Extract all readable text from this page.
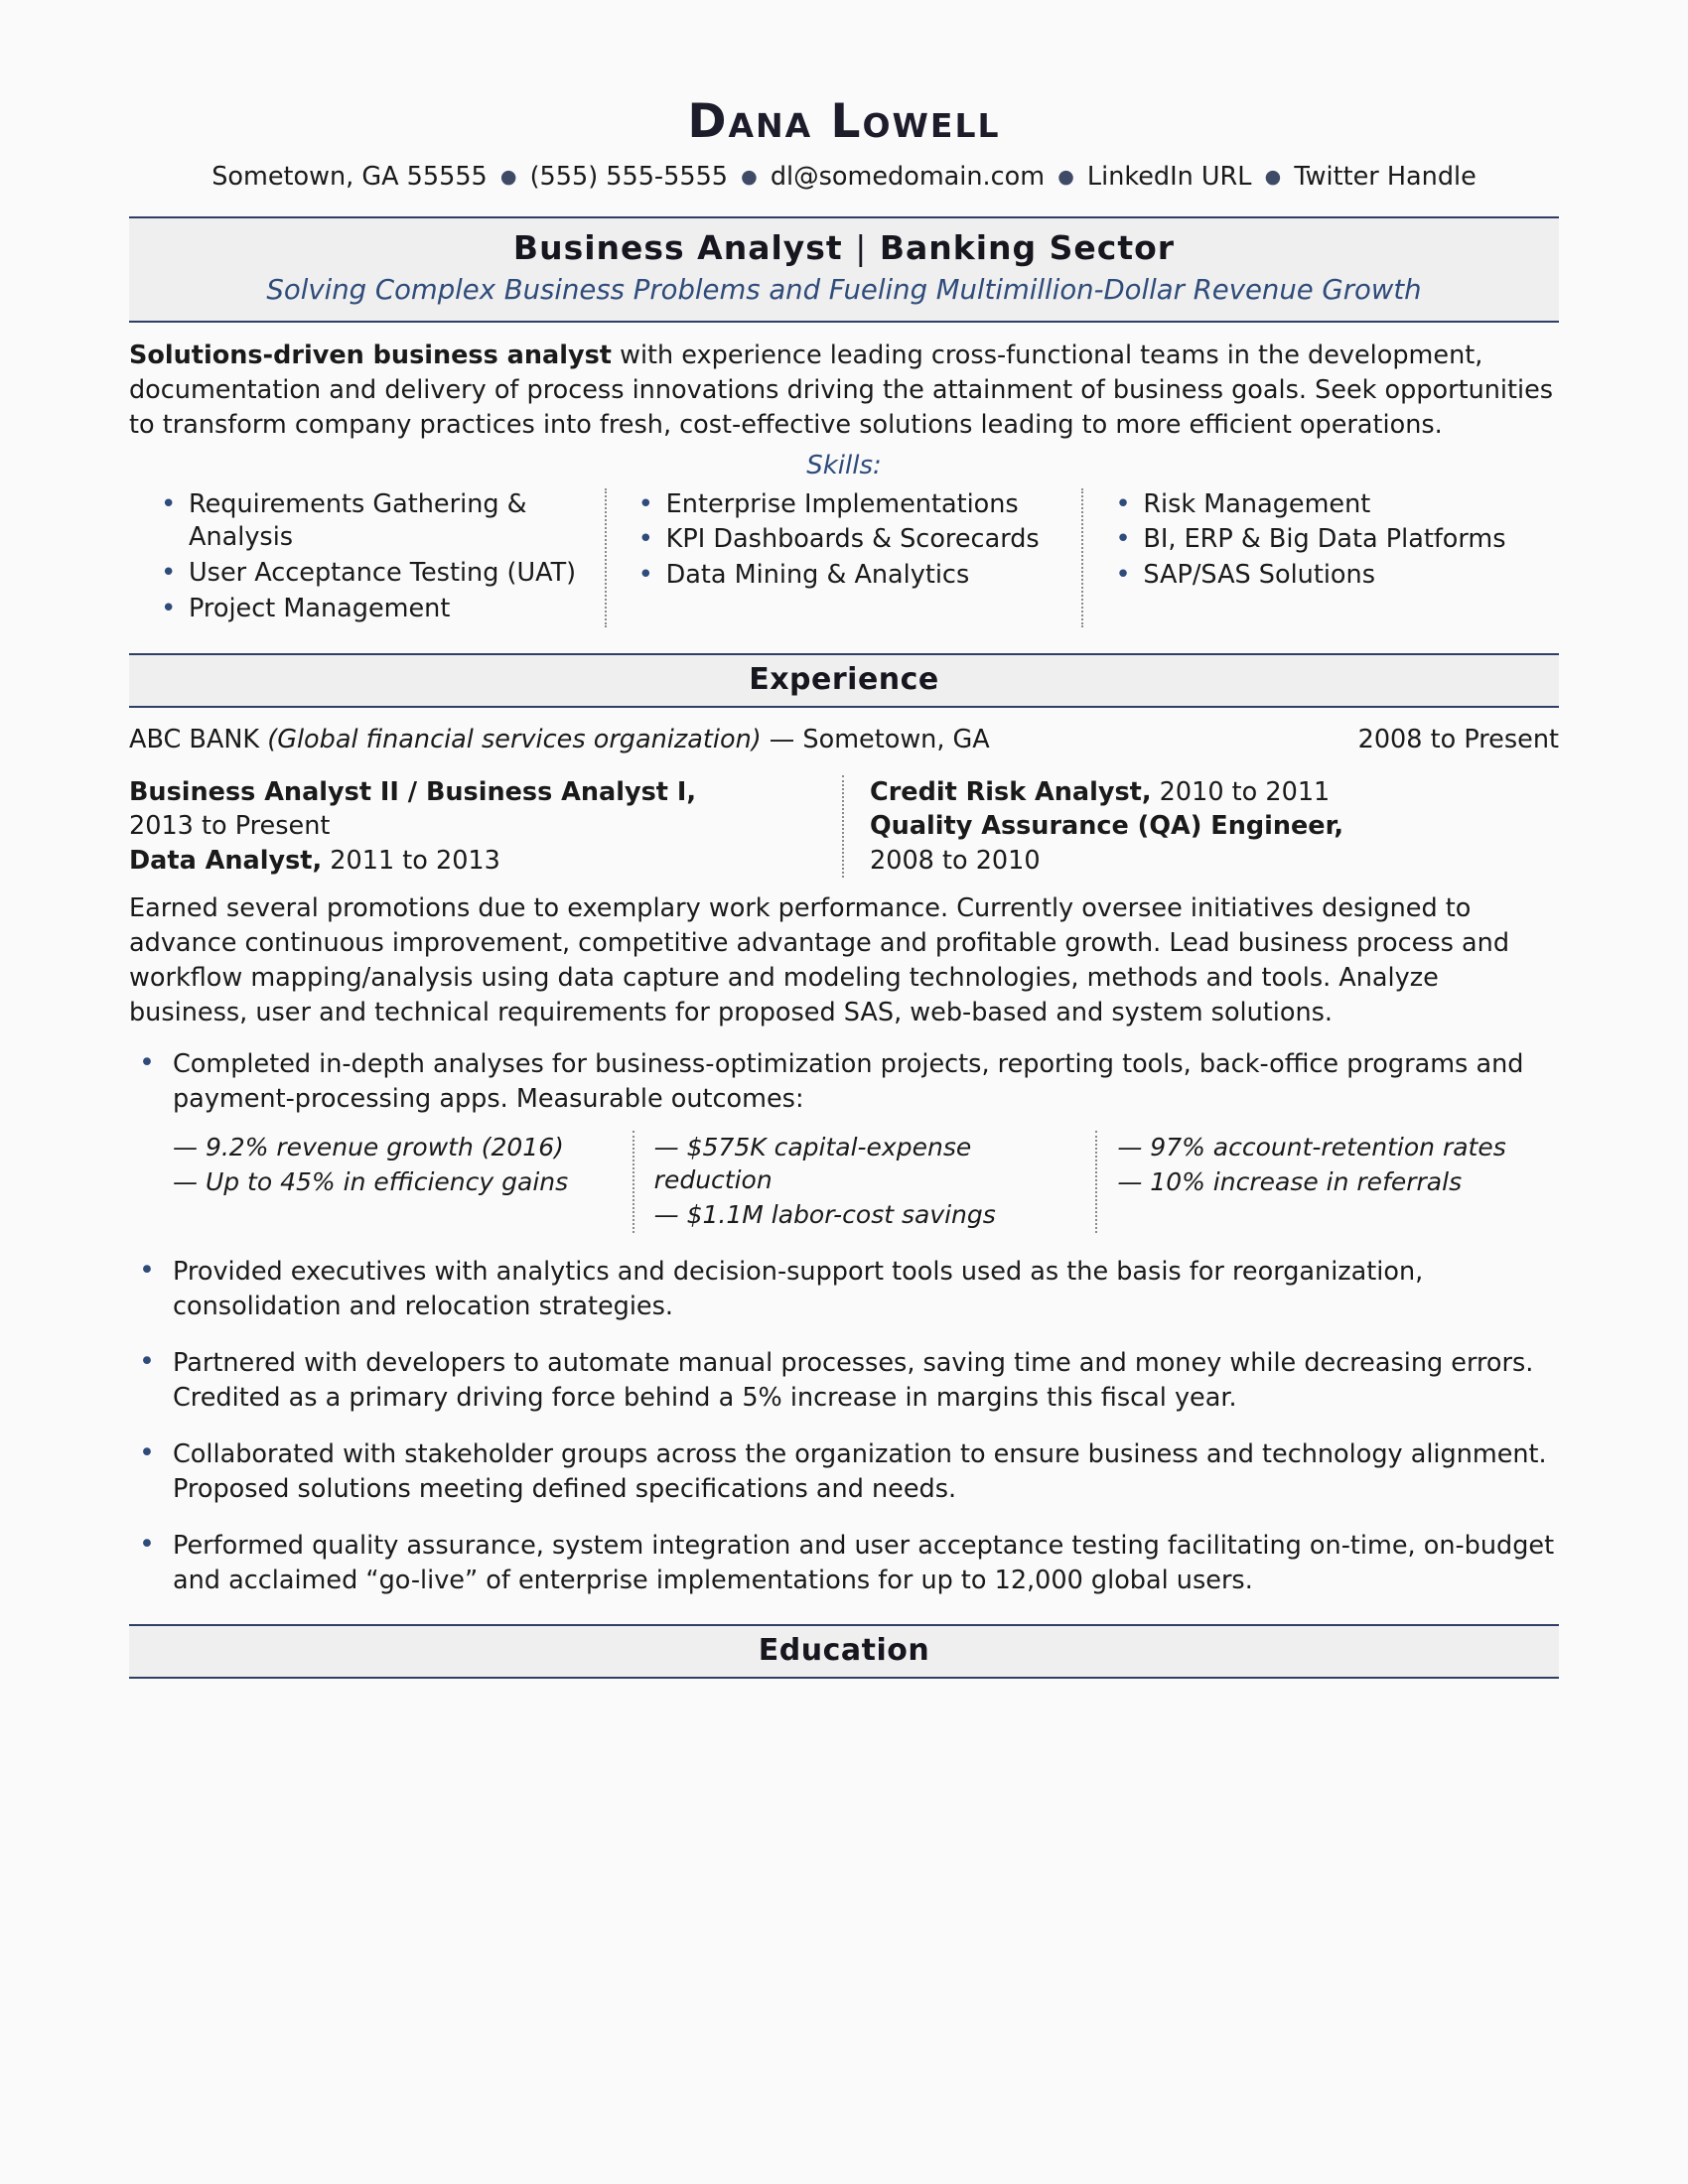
Dana Lowell
Sometown, GA 55555 ● (555) 555-5555 ● dl@somedomain.com ● LinkedIn URL ● Twitter Handle
Business Analyst | Banking Sector
Solving Complex Business Problems and Fueling Multimillion-Dollar Revenue Growth
Solutions-driven business analyst with experience leading cross-functional teams in the development, documentation and delivery of process innovations driving the attainment of business goals. Seek opportunities to transform company practices into fresh, cost-effective solutions leading to more efficient operations.
Skills:
• Requirements Gathering & Analysis
• User Acceptance Testing (UAT)
• Project Management
• Enterprise Implementations
• KPI Dashboards & Scorecards
• Data Mining & Analytics
• Risk Management
• BI, ERP & Big Data Platforms
• SAP/SAS Solutions
Experience
ABC BANK (Global financial services organization) — Sometown, GA	2008 to Present
Business Analyst II / Business Analyst I,
2013 to Present
Data Analyst, 2011 to 2013
Credit Risk Analyst, 2010 to 2011
Quality Assurance (QA) Engineer,
2008 to 2010
Earned several promotions due to exemplary work performance. Currently oversee initiatives designed to advance continuous improvement, competitive advantage and profitable growth. Lead business process and workflow mapping/analysis using data capture and modeling technologies, methods and tools. Analyze business, user and technical requirements for proposed SAS, web-based and system solutions.
• Completed in-depth analyses for business-optimization projects, reporting tools, back-office programs and payment-processing apps. Measurable outcomes:
— 9.2% revenue growth (2016)
— Up to 45% in efficiency gains
— $575K capital-expense reduction
— $1.1M labor-cost savings
— 97% account-retention rates
— 10% increase in referrals
• Provided executives with analytics and decision-support tools used as the basis for reorganization, consolidation and relocation strategies.
• Partnered with developers to automate manual processes, saving time and money while decreasing errors. Credited as a primary driving force behind a 5% increase in margins this fiscal year.
• Collaborated with stakeholder groups across the organization to ensure business and technology alignment. Proposed solutions meeting defined specifications and needs.
• Performed quality assurance, system integration and user acceptance testing facilitating on-time, on-budget and acclaimed “go-live” of enterprise implementations for up to 12,000 global users.
Education
